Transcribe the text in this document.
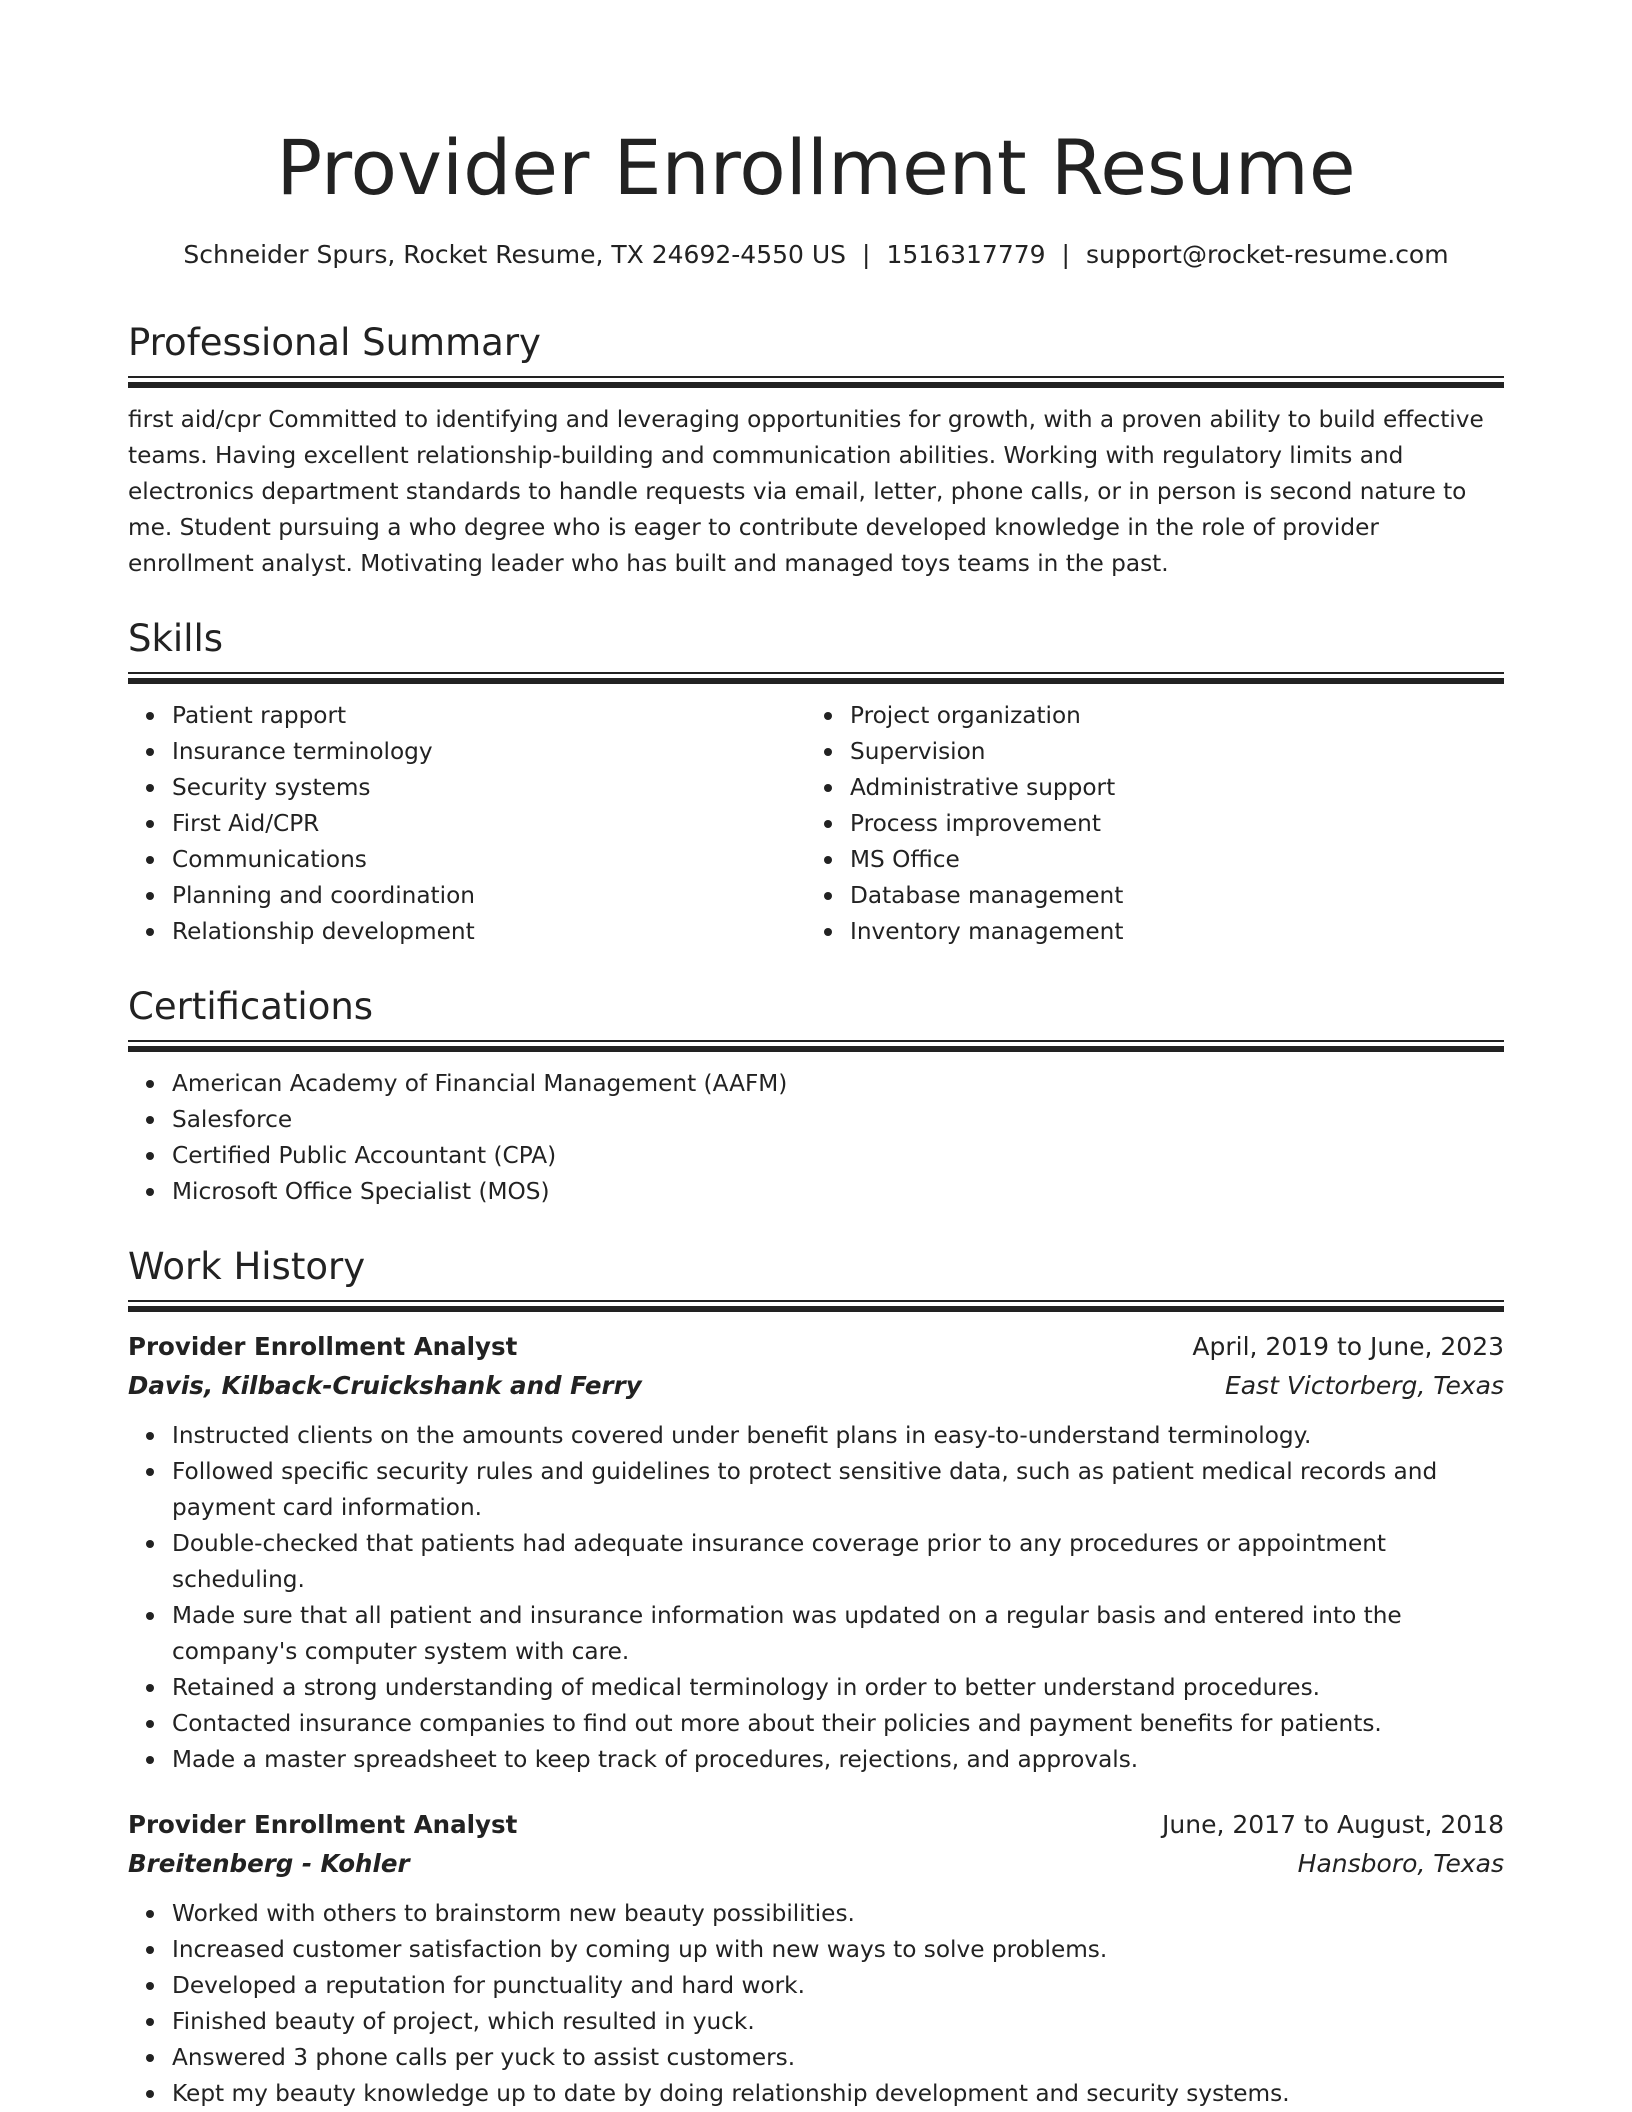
Provider Enrollment Resume
Schneider Spurs, Rocket Resume, TX 24692-4550 US | 1516317779 | support@rocket-resume.com
Professional Summary

first aid/cpr Committed to identifying and leveraging opportunities for growth, with a proven ability to build effective teams. Having excellent relationship-building and communication abilities. Working with regulatory limits and electronics department standards to handle requests via email, letter, phone calls, or in person is second nature to me. Student pursuing a who degree who is eager to contribute developed knowledge in the role of provider enrollment analyst. Motivating leader who has built and managed toys teams in the past.

Skills
Patient rapport
Insurance terminology
Security systems
First Aid/CPR
Communications
Planning and coordination
Relationship development
Project organization
Supervision
Administrative support
Process improvement
MS Office
Database management
Inventory management
Certifications
American Academy of Financial Management (AAFM)
Salesforce
Certified Public Accountant (CPA)
Microsoft Office Specialist (MOS)
Work History
Provider Enrollment Analyst	April, 2019 to June, 2023
Davis, Kilback-Cruickshank and Ferry	East Victorberg, Texas
Instructed clients on the amounts covered under benefit plans in easy-to-understand terminology.
Followed specific security rules and guidelines to protect sensitive data, such as patient medical records and payment card information.
Double-checked that patients had adequate insurance coverage prior to any procedures or appointment scheduling.
Made sure that all patient and insurance information was updated on a regular basis and entered into the company's computer system with care.
Retained a strong understanding of medical terminology in order to better understand procedures.
Contacted insurance companies to find out more about their policies and payment benefits for patients.
Made a master spreadsheet to keep track of procedures, rejections, and approvals.
Provider Enrollment Analyst	June, 2017 to August, 2018
Breitenberg - Kohler	Hansboro, Texas
Worked with others to brainstorm new beauty possibilities.
Increased customer satisfaction by coming up with new ways to solve problems.
Developed a reputation for punctuality and hard work.
Finished beauty of project, which resulted in yuck.
Answered 3 phone calls per yuck to assist customers.
Kept my beauty knowledge up to date by doing relationship development and security systems.
